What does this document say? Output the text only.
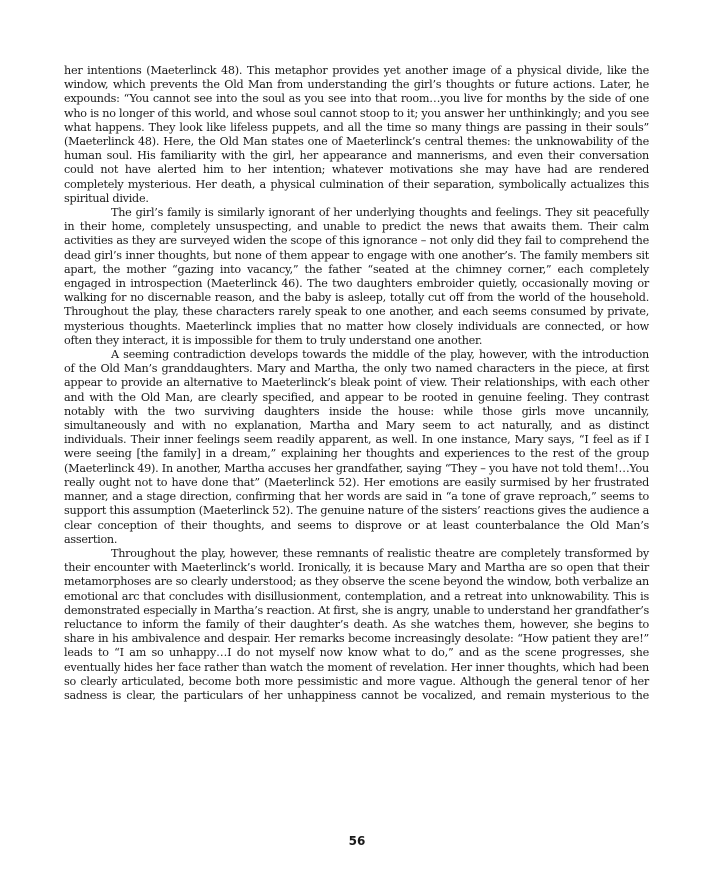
her intentions (Maeterlinck 48). This metaphor provides yet another image of a physical divide, like the window, which prevents the Old Man from understanding the girl’s thoughts or future actions. Later, he expounds: “You cannot see into the soul as you see into that room…you live for months by the side of one who is no longer of this world, and whose soul cannot stoop to it; you answer her unthinkingly; and you see what happens. They look like lifeless puppets, and all the time so many things are passing in their souls” (Maeterlinck 48). Here, the Old Man states one of Maeterlinck’s central themes: the unknowability of the human soul. His familiarity with the girl, her appearance and mannerisms, and even their conversation could not have alerted him to her intention; whatever motivations she may have had are rendered completely mysterious. Her death, a physical culmination of their separation, symbolically actualizes this spiritual divide.

The girl’s family is similarly ignorant of her underlying thoughts and feelings. They sit peacefully in their home, completely unsuspecting, and unable to predict the news that awaits them. Their calm activities as they are surveyed widen the scope of this ignorance – not only did they fail to comprehend the dead girl’s inner thoughts, but none of them appear to engage with one another’s. The family members sit apart, the mother “gazing into vacancy,” the father “seated at the chimney corner,” each completely engaged in introspection (Maeterlinck 46). The two daughters embroider quietly, occasionally moving or walking for no discernable reason, and the baby is asleep, totally cut off from the world of the household. Throughout the play, these characters rarely speak to one another, and each seems consumed by private, mysterious thoughts. Maeterlinck implies that no matter how closely individuals are connected, or how often they interact, it is impossible for them to truly understand one another.

A seeming contradiction develops towards the middle of the play, however, with the introduction of the Old Man’s granddaughters. Mary and Martha, the only two named characters in the piece, at first appear to provide an alternative to Maeterlinck’s bleak point of view. Their relationships, with each other and with the Old Man, are clearly specified, and appear to be rooted in genuine feeling. They contrast notably with the two surviving daughters inside the house: while those girls move uncannily, simultaneously and with no explanation, Martha and Mary seem to act naturally, and as distinct individuals. Their inner feelings seem readily apparent, as well. In one instance, Mary says, “I feel as if I were seeing [the family] in a dream,” explaining her thoughts and experiences to the rest of the group (Maeterlinck 49). In another, Martha accuses her grandfather, saying “They – you have not told them!…You really ought not to have done that” (Maeterlinck 52). Her emotions are easily surmised by her frustrated manner, and a stage direction, confirming that her words are said in “a tone of grave reproach,” seems to support this assumption (Maeterlinck 52). The genuine nature of the sisters’ reactions gives the audience a clear conception of their thoughts, and seems to disprove or at least counterbalance the Old Man’s assertion.

Throughout the play, however, these remnants of realistic theatre are completely transformed by their encounter with Maeterlinck’s world. Ironically, it is because Mary and Martha are so open that their metamorphoses are so clearly understood; as they observe the scene beyond the window, both verbalize an emotional arc that concludes with disillusionment, contemplation, and a retreat into unknowability. This is demonstrated especially in Martha’s reaction. At first, she is angry, unable to understand her grandfather’s reluctance to inform the family of their daughter’s death. As she watches them, however, she begins to share in his ambivalence and despair. Her remarks become increasingly desolate: “How patient they are!” leads to “I am so unhappy…I do not myself now know what to do,” and as the scene progresses, she eventually hides her face rather than watch the moment of revelation. Her inner thoughts, which had been so clearly articulated, become both more pessimistic and more vague. Although the general tenor of her sadness is clear, the particulars of her unhappiness cannot be vocalized, and remain mysterious to the

56
